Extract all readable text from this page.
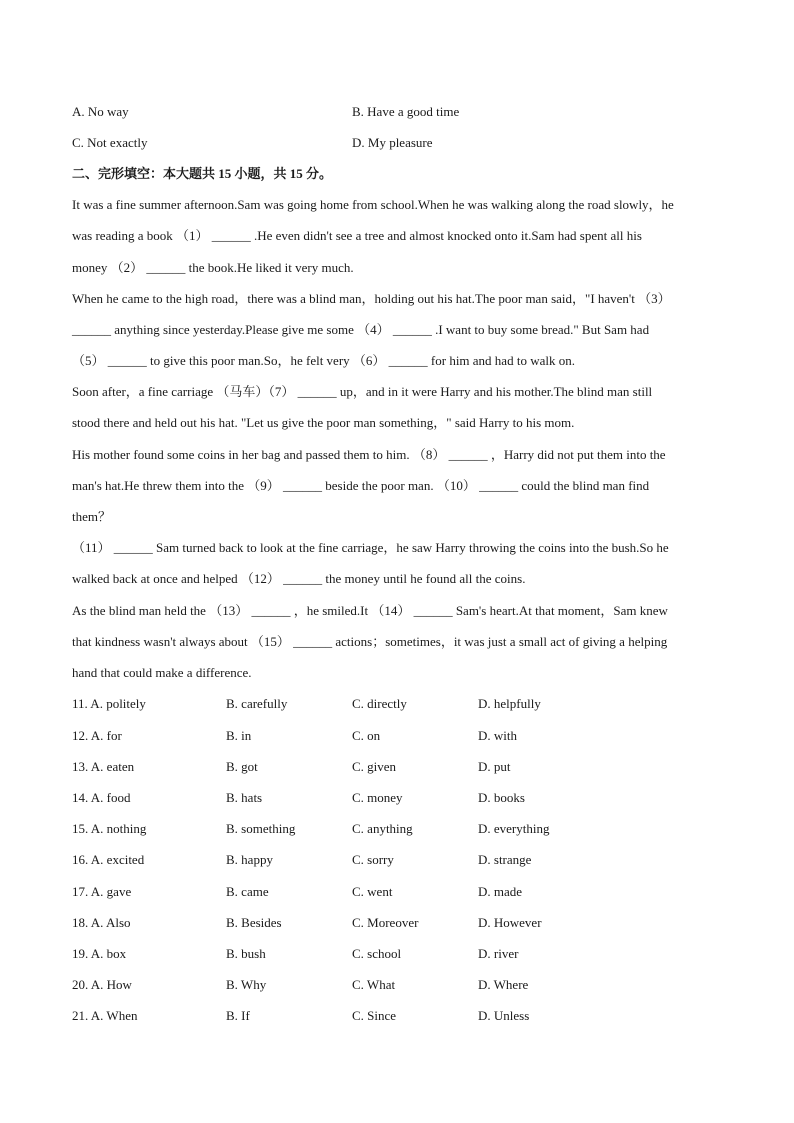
A. No way	B. Have a good time
C. Not exactly	D. My pleasure
二、完形填空：本大题共 15 小题，共 15 分。
It was a fine summer afternoon.Sam was going home from school.When he was walking along the road slowly，he
was reading a book （1） ______ .He even didn't see a tree and almost knocked onto it.Sam had spent all his
money （2） ______ the book.He liked it very much.
When he came to the high road，there was a blind man，holding out his hat.The poor man said，"I haven't （3）
______ anything since yesterday.Please give me some （4） ______ .I want to buy some bread." But Sam had
（5） ______ to give this poor man.So，he felt very （6） ______ for him and had to walk on.
Soon after，a fine carriage （马车）（7） ______ up，and in it were Harry and his mother.The blind man still
stood there and held out his hat. "Let us give the poor man something，" said Harry to his mom.
His mother found some coins in her bag and passed them to him. （8） ______ ，Harry did not put them into the
man's hat.He threw them into the （9） ______ beside the poor man. （10） ______ could the blind man find
them？
（11） ______ Sam turned back to look at the fine carriage，he saw Harry throwing the coins into the bush.So he
walked back at once and helped （12） ______ the money until he found all the coins.
As the blind man held the （13） ______ ，he smiled.It （14） ______ Sam's heart.At that moment，Sam knew
that kindness wasn't always about （15） ______ actions；sometimes，it was just a small act of giving a helping
hand that could make a difference.
11. A. politely	B. carefully	C. directly	D. helpfully
12. A. for	B. in	C. on	D. with
13. A. eaten	B. got	C. given	D. put
14. A. food	B. hats	C. money	D. books
15. A. nothing	B. something	C. anything	D. everything
16. A. excited	B. happy	C. sorry	D. strange
17. A. gave	B. came	C. went	D. made
18. A. Also	B. Besides	C. Moreover	D. However
19. A. box	B. bush	C. school	D. river
20. A. How	B. Why	C. What	D. Where
21. A. When	B. If	C. Since	D. Unless
